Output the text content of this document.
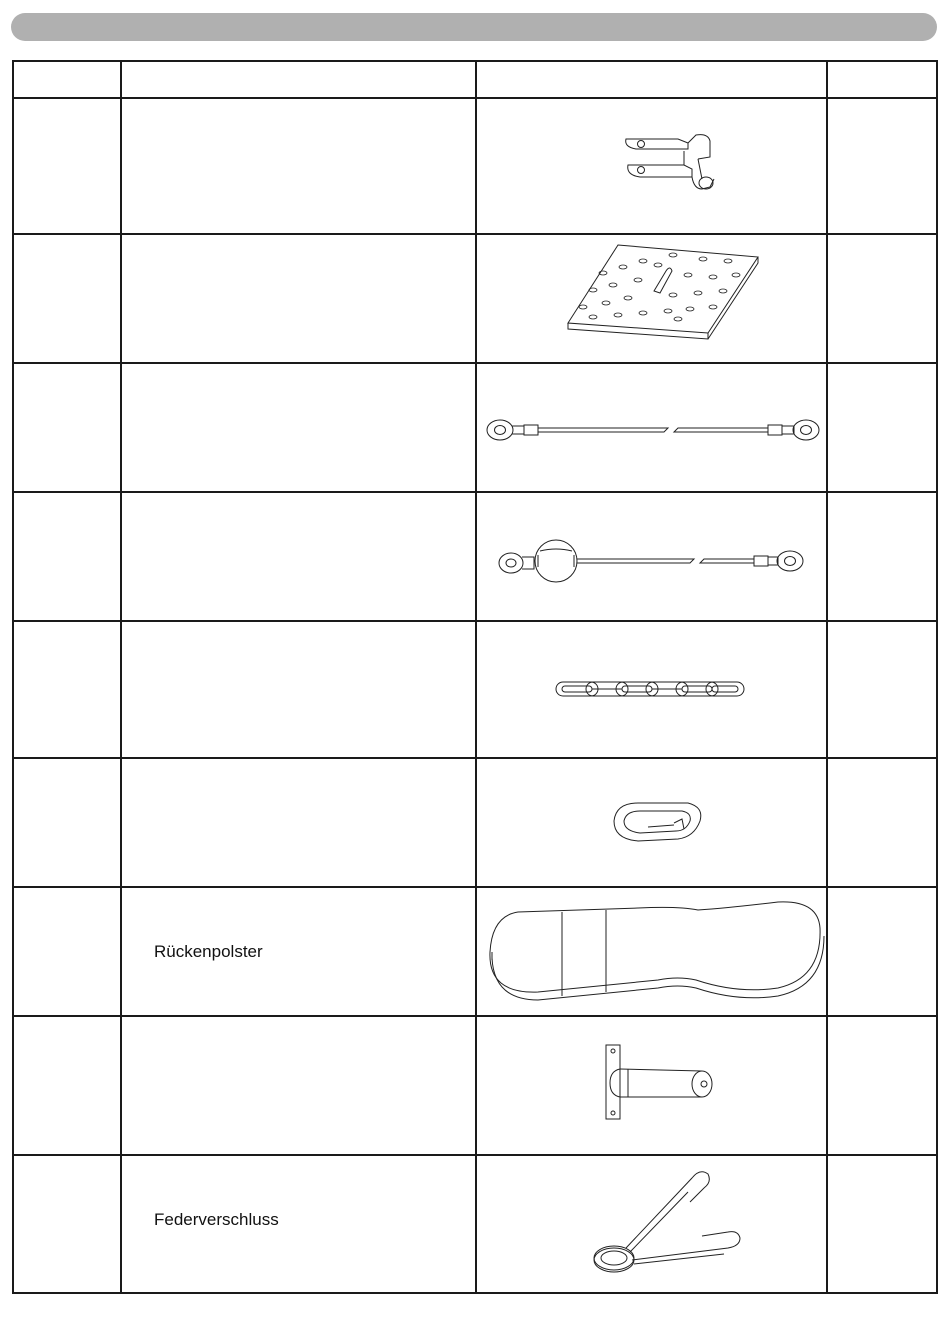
Rückenpolster
Federverschluss
